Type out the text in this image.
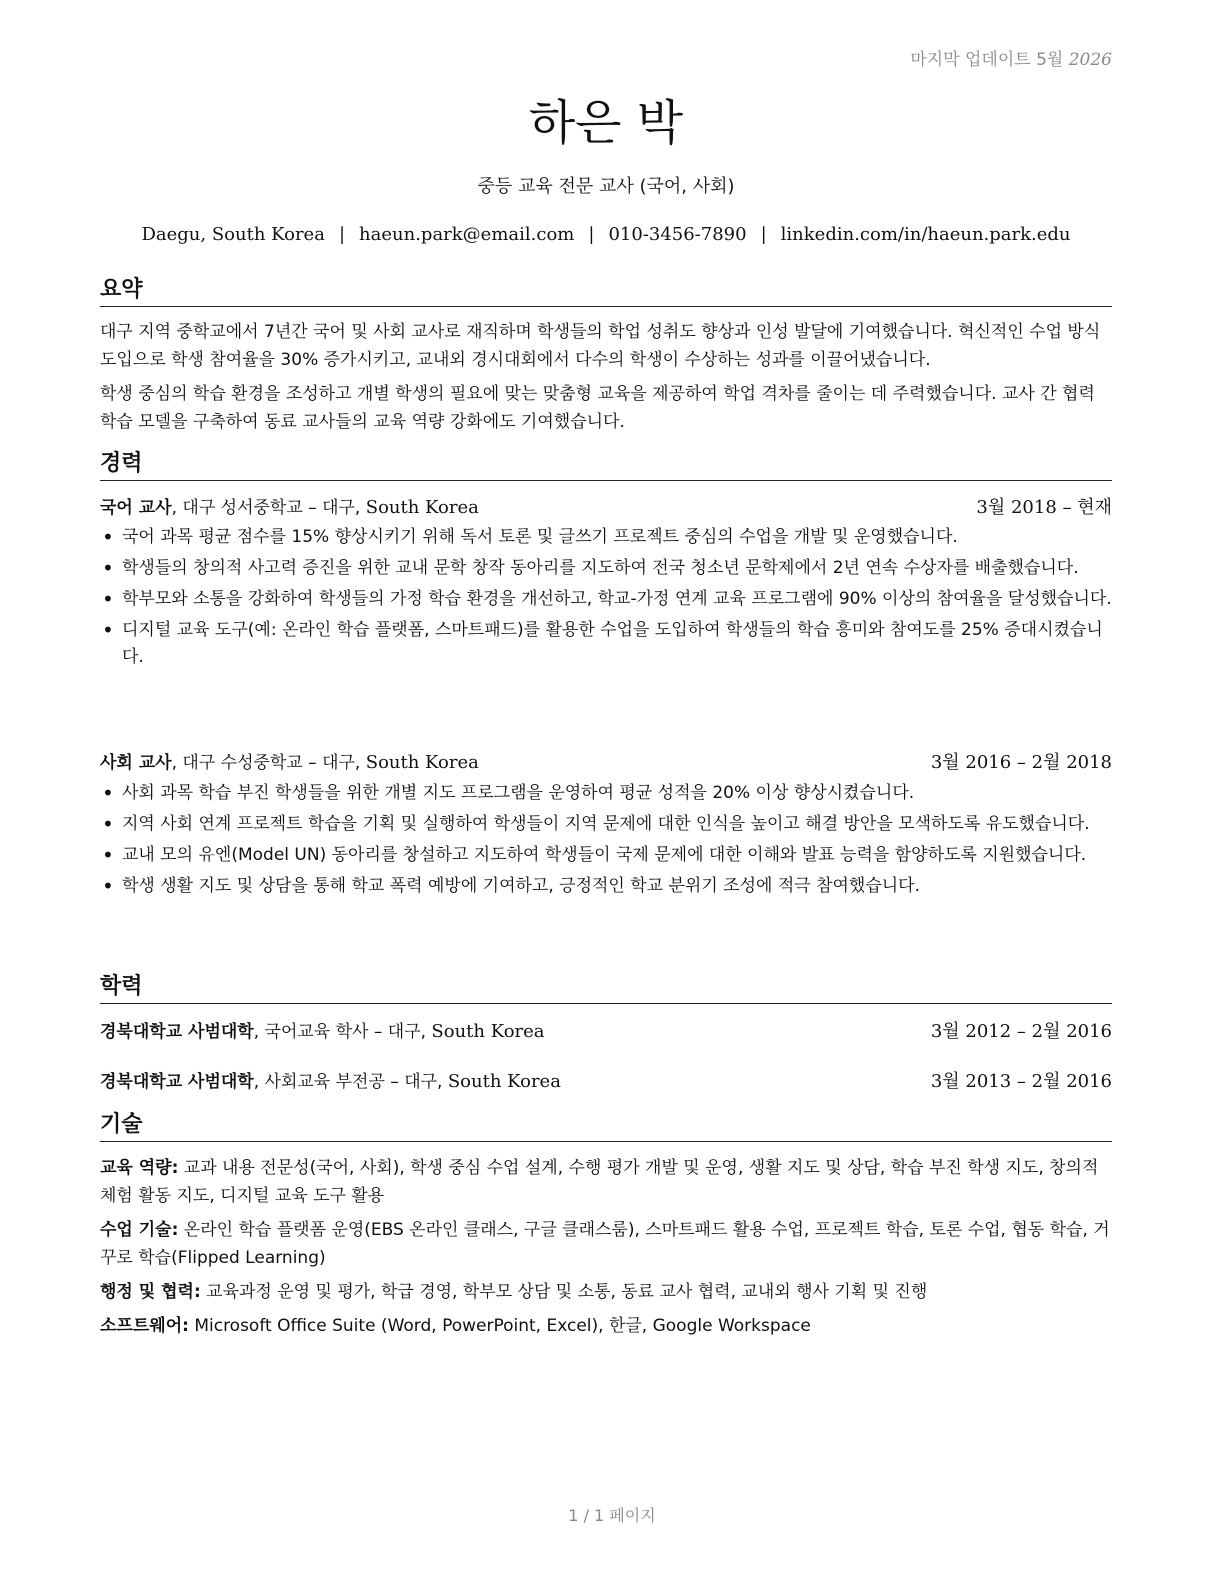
마지막 업데이트 5월 2026
하은 박
중등 교육 전문 교사 (국어, 사회)
Daegu, South Korea | haeun.park@email.com | 010-3456-7890 | linkedin.com/in/haeun.park.edu
요약

대구 지역 중학교에서 7년간 국어 및 사회 교사로 재직하며 학생들의 학업 성취도 향상과 인성 발달에 기여했습니다. 혁신적인 수업 방식 도입으로 학생 참여율을 30% 증가시키고, 교내외 경시대회에서 다수의 학생이 수상하는 성과를 이끌어냈습니다.

학생 중심의 학습 환경을 조성하고 개별 학생의 필요에 맞는 맞춤형 교육을 제공하여 학업 격차를 줄이는 데 주력했습니다. 교사 간 협력 학습 모델을 구축하여 동료 교사들의 교육 역량 강화에도 기여했습니다.

경력
국어 교사, 대구 성서중학교 – 대구, South Korea	3월 2018 – 현재
• 국어 과목 평균 점수를 15% 향상시키기 위해 독서 토론 및 글쓰기 프로젝트 중심의 수업을 개발 및 운영했습니다.
• 학생들의 창의적 사고력 증진을 위한 교내 문학 창작 동아리를 지도하여 전국 청소년 문학제에서 2년 연속 수상자를 배출했습니다.
• 학부모와 소통을 강화하여 학생들의 가정 학습 환경을 개선하고, 학교-가정 연계 교육 프로그램에 90% 이상의 참여율을 달성했습니다.
• 디지털 교육 도구(예: 온라인 학습 플랫폼, 스마트패드)를 활용한 수업을 도입하여 학생들의 학습 흥미와 참여도를 25% 증대시켰습니다.
사회 교사, 대구 수성중학교 – 대구, South Korea	3월 2016 – 2월 2018
• 사회 과목 학습 부진 학생들을 위한 개별 지도 프로그램을 운영하여 평균 성적을 20% 이상 향상시켰습니다.
• 지역 사회 연계 프로젝트 학습을 기획 및 실행하여 학생들이 지역 문제에 대한 인식을 높이고 해결 방안을 모색하도록 유도했습니다.
• 교내 모의 유엔(Model UN) 동아리를 창설하고 지도하여 학생들이 국제 문제에 대한 이해와 발표 능력을 함양하도록 지원했습니다.
• 학생 생활 지도 및 상담을 통해 학교 폭력 예방에 기여하고, 긍정적인 학교 분위기 조성에 적극 참여했습니다.
학력
경북대학교 사범대학, 국어교육 학사 – 대구, South Korea	3월 2012 – 2월 2016
경북대학교 사범대학, 사회교육 부전공 – 대구, South Korea	3월 2013 – 2월 2016
기술

교육 역량: 교과 내용 전문성(국어, 사회), 학생 중심 수업 설계, 수행 평가 개발 및 운영, 생활 지도 및 상담, 학습 부진 학생 지도, 창의적 체험 활동 지도, 디지털 교육 도구 활용

수업 기술: 온라인 학습 플랫폼 운영(EBS 온라인 클래스, 구글 클래스룸), 스마트패드 활용 수업, 프로젝트 학습, 토론 수업, 협동 학습, 거꾸로 학습(Flipped Learning)

행정 및 협력: 교육과정 운영 및 평가, 학급 경영, 학부모 상담 및 소통, 동료 교사 협력, 교내외 행사 기획 및 진행

소프트웨어: Microsoft Office Suite (Word, PowerPoint, Excel), 한글, Google Workspace

1 / 1 페이지
